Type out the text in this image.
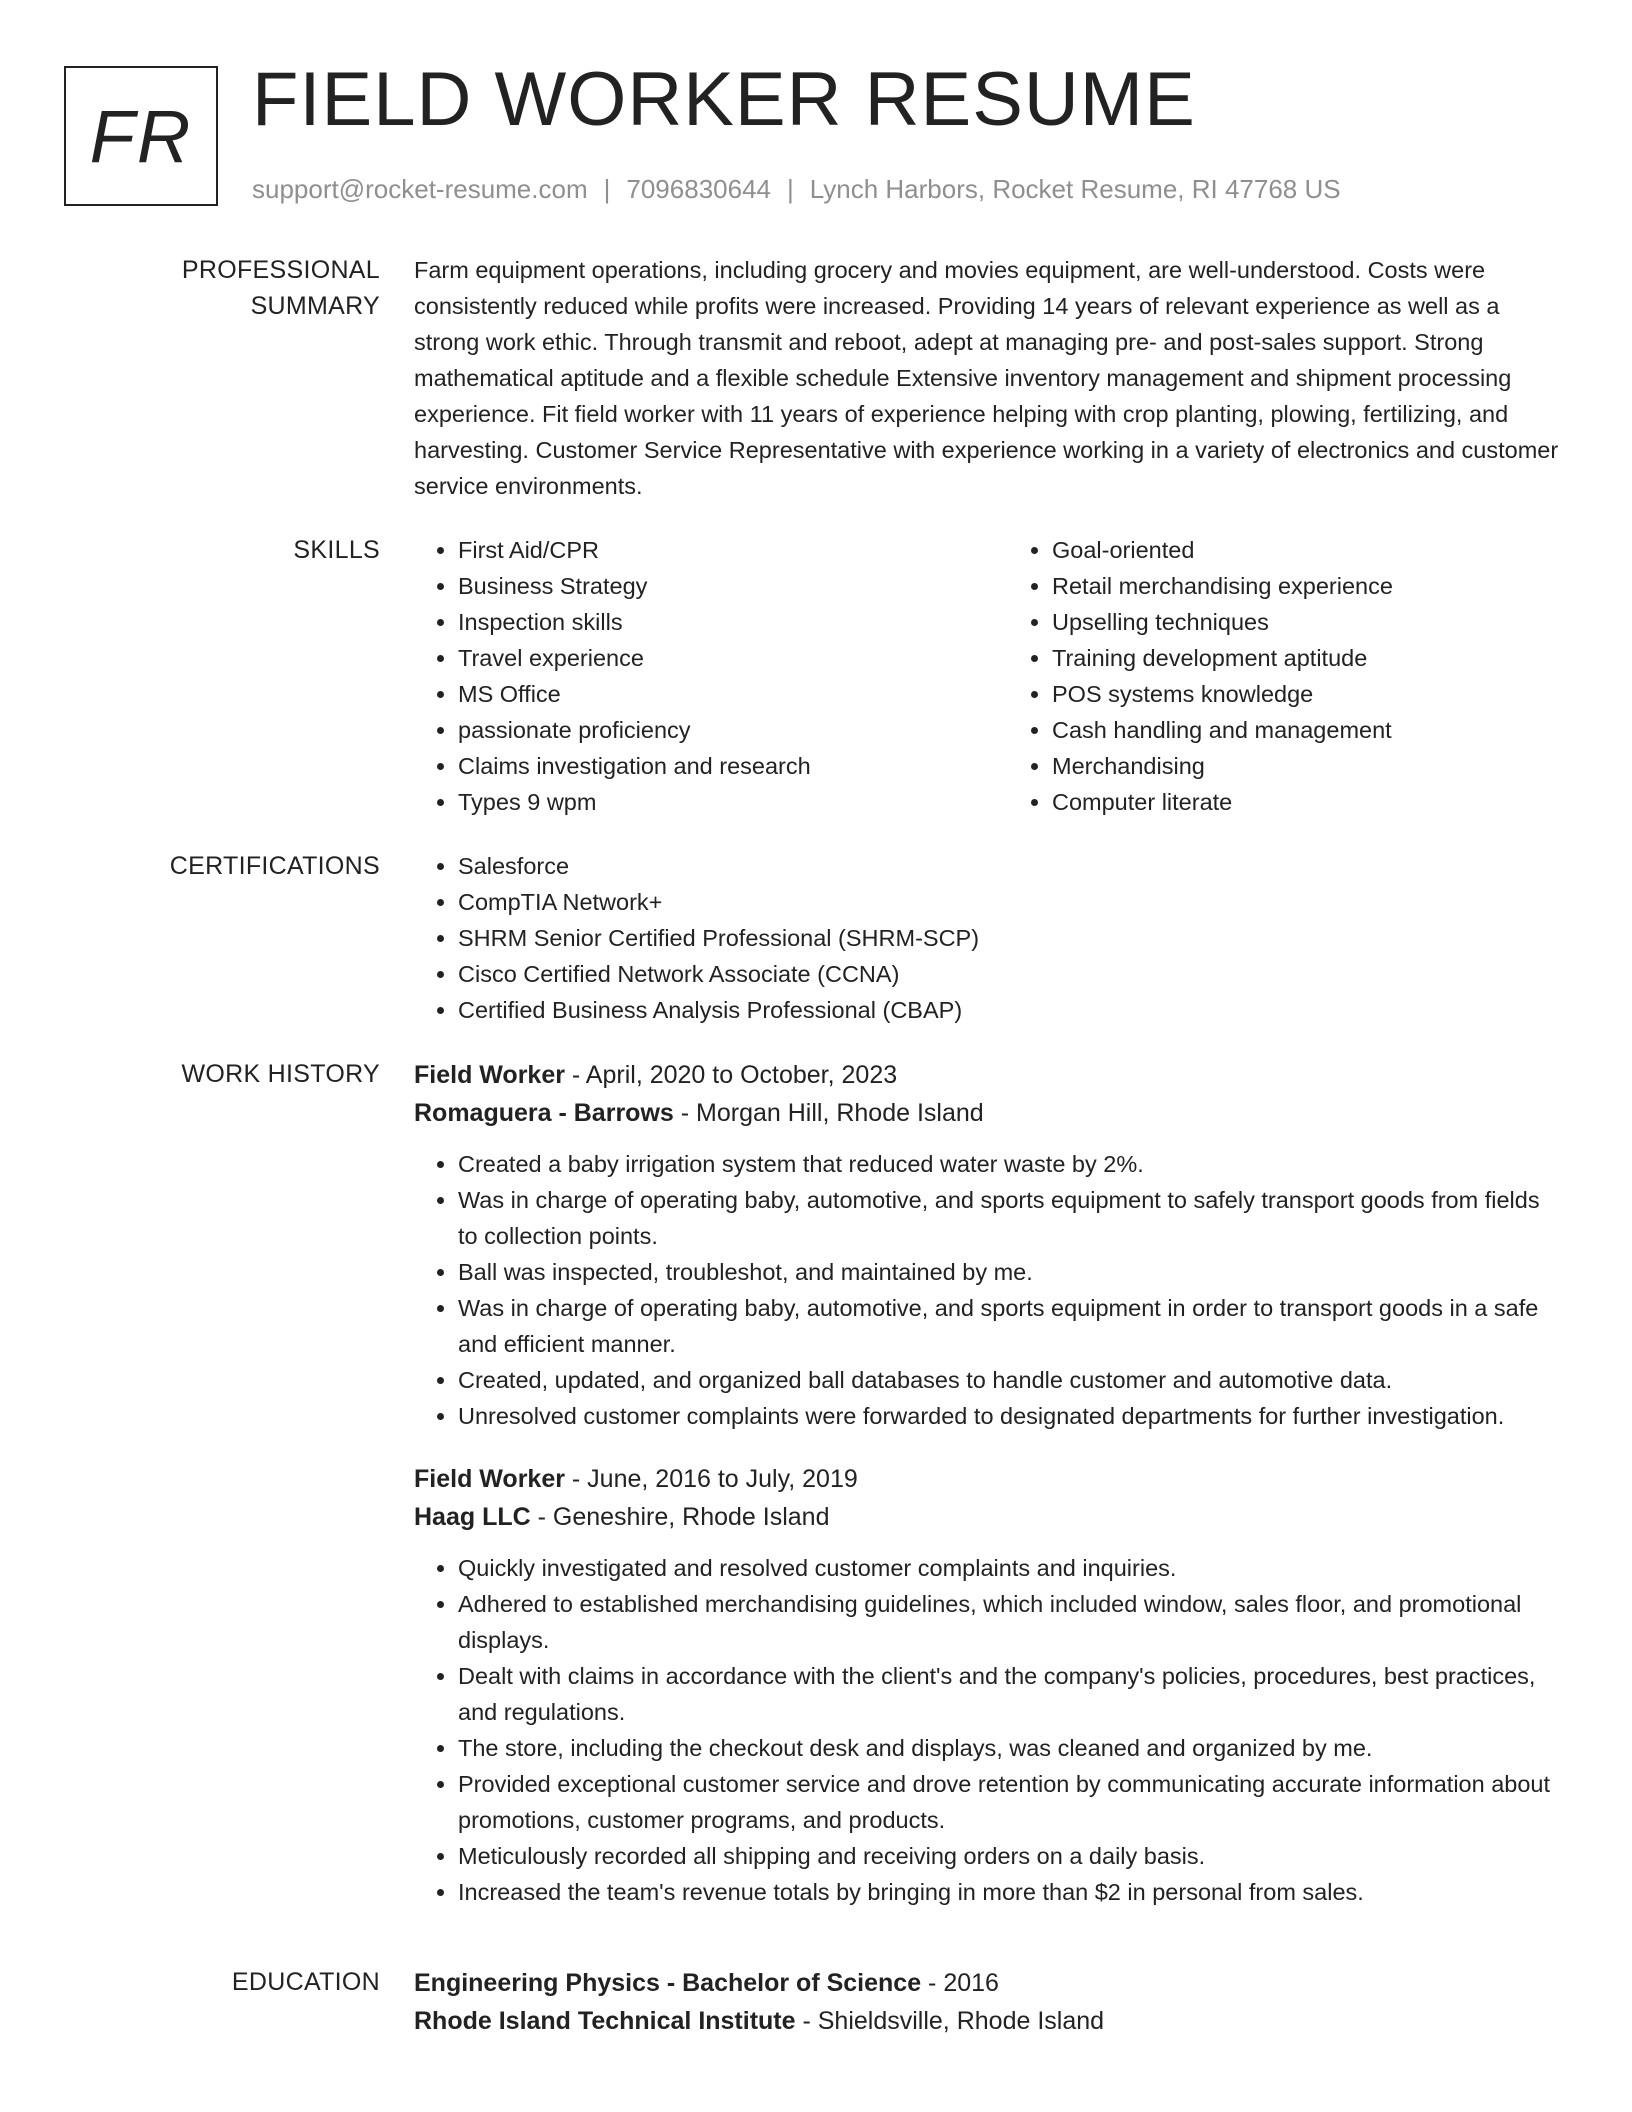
FR FIELD WORKER RESUME
support@rocket-resume.com | 7096830644 | Lynch Harbors, Rocket Resume, RI 47768 US
PROFESSIONAL SUMMARY
Farm equipment operations, including grocery and movies equipment, are well-understood. Costs were consistently reduced while profits were increased. Providing 14 years of relevant experience as well as a strong work ethic. Through transmit and reboot, adept at managing pre- and post-sales support. Strong mathematical aptitude and a flexible schedule Extensive inventory management and shipment processing experience. Fit field worker with 11 years of experience helping with crop planting, plowing, fertilizing, and harvesting. Customer Service Representative with experience working in a variety of electronics and customer service environments.
SKILLS	• First Aid/CPR
• Business Strategy
• Inspection skills
• Travel experience
• MS Office
• passionate proficiency
• Claims investigation and research
• Types 9 wpm
• Goal-oriented
• Retail merchandising experience
• Upselling techniques
• Training development aptitude
• POS systems knowledge
• Cash handling and management
• Merchandising
• Computer literate
CERTIFICATIONS	• Salesforce
• CompTIA Network+
• SHRM Senior Certified Professional (SHRM-SCP)
• Cisco Certified Network Associate (CCNA)
• Certified Business Analysis Professional (CBAP)
WORK HISTORY	Field Worker - April, 2020 to October, 2023
Romaguera - Barrows - Morgan Hill, Rhode Island
• Created a baby irrigation system that reduced water waste by 2%.
• Was in charge of operating baby, automotive, and sports equipment to safely transport goods from fields to collection points.
• Ball was inspected, troubleshot, and maintained by me.
• Was in charge of operating baby, automotive, and sports equipment in order to transport goods in a safe and efficient manner.
• Created, updated, and organized ball databases to handle customer and automotive data.
• Unresolved customer complaints were forwarded to designated departments for further investigation.
Field Worker - June, 2016 to July, 2019
Haag LLC - Geneshire, Rhode Island
• Quickly investigated and resolved customer complaints and inquiries.
• Adhered to established merchandising guidelines, which included window, sales floor, and promotional displays.
• Dealt with claims in accordance with the client's and the company's policies, procedures, best practices, and regulations.
• The store, including the checkout desk and displays, was cleaned and organized by me.
• Provided exceptional customer service and drove retention by communicating accurate information about promotions, customer programs, and products.
• Meticulously recorded all shipping and receiving orders on a daily basis.
• Increased the team's revenue totals by bringing in more than $2 in personal from sales.
EDUCATION	Engineering Physics - Bachelor of Science - 2016
Rhode Island Technical Institute - Shieldsville, Rhode Island
